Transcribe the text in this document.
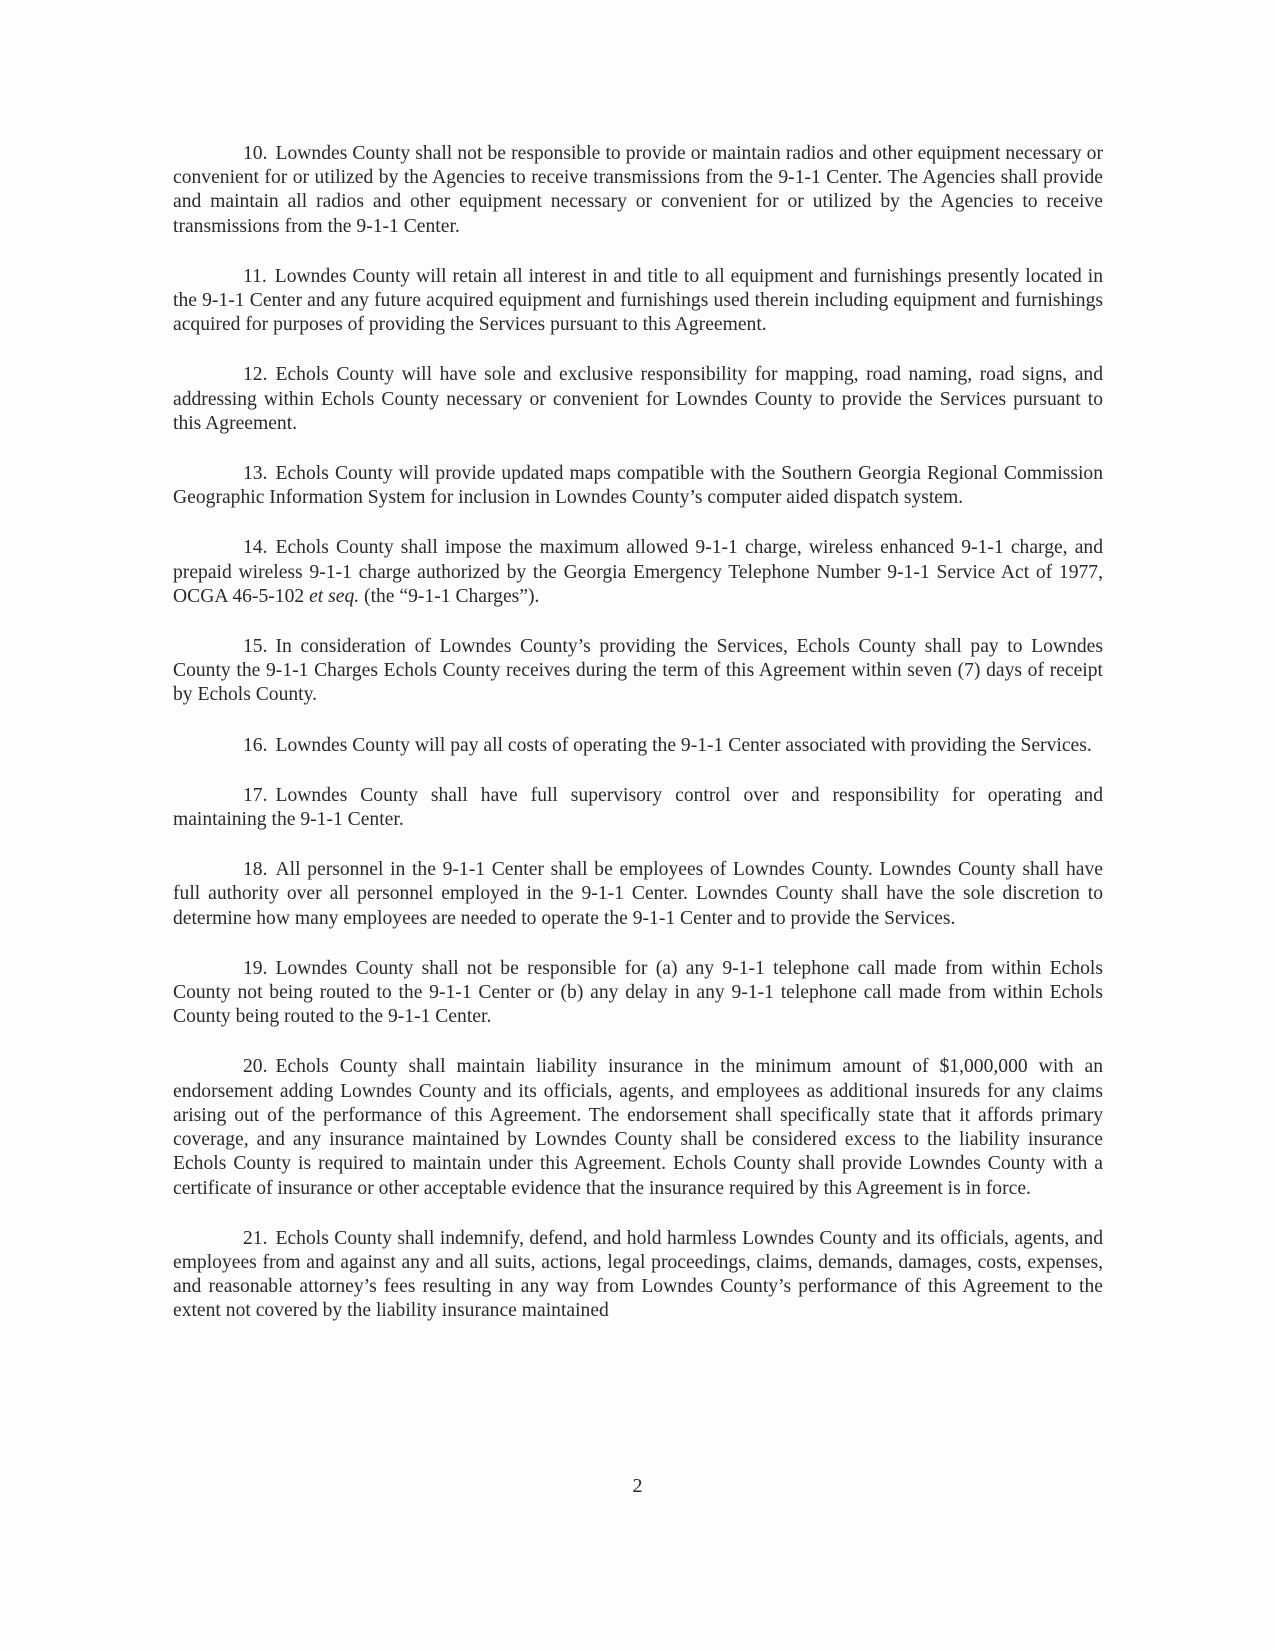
10. Lowndes County shall not be responsible to provide or maintain radios and other equipment necessary or convenient for or utilized by the Agencies to receive transmissions from the 9-1-1 Center. The Agencies shall provide and maintain all radios and other equipment necessary or convenient for or utilized by the Agencies to receive transmissions from the 9-1-1 Center.

11. Lowndes County will retain all interest in and title to all equipment and furnishings presently located in the 9-1-1 Center and any future acquired equipment and furnishings used therein including equipment and furnishings acquired for purposes of providing the Services pursuant to this Agreement.

12. Echols County will have sole and exclusive responsibility for mapping, road naming, road signs, and addressing within Echols County necessary or convenient for Lowndes County to provide the Services pursuant to this Agreement.

13. Echols County will provide updated maps compatible with the Southern Georgia Regional Commission Geographic Information System for inclusion in Lowndes County’s computer aided dispatch system.

14. Echols County shall impose the maximum allowed 9-1-1 charge, wireless enhanced 9-1-1 charge, and prepaid wireless 9-1-1 charge authorized by the Georgia Emergency Telephone Number 9-1-1 Service Act of 1977, OCGA 46-5-102 et seq. (the “9-1-1 Charges”).

15. In consideration of Lowndes County’s providing the Services, Echols County shall pay to Lowndes County the 9-1-1 Charges Echols County receives during the term of this Agreement within seven (7) days of receipt by Echols County.

16. Lowndes County will pay all costs of operating the 9-1-1 Center associated with providing the Services.

17. Lowndes County shall have full supervisory control over and responsibility for operating and maintaining the 9-1-1 Center.

18. All personnel in the 9-1-1 Center shall be employees of Lowndes County. Lowndes County shall have full authority over all personnel employed in the 9-1-1 Center. Lowndes County shall have the sole discretion to determine how many employees are needed to operate the 9-1-1 Center and to provide the Services.

19. Lowndes County shall not be responsible for (a) any 9-1-1 telephone call made from within Echols County not being routed to the 9-1-1 Center or (b) any delay in any 9-1-1 telephone call made from within Echols County being routed to the 9-1-1 Center.

20. Echols County shall maintain liability insurance in the minimum amount of $1,000,000 with an endorsement adding Lowndes County and its officials, agents, and employees as additional insureds for any claims arising out of the performance of this Agreement. The endorsement shall specifically state that it affords primary coverage, and any insurance maintained by Lowndes County shall be considered excess to the liability insurance Echols County is required to maintain under this Agreement. Echols County shall provide Lowndes County with a certificate of insurance or other acceptable evidence that the insurance required by this Agreement is in force.

21. Echols County shall indemnify, defend, and hold harmless Lowndes County and its officials, agents, and employees from and against any and all suits, actions, legal proceedings, claims, demands, damages, costs, expenses, and reasonable attorney’s fees resulting in any way from Lowndes County’s performance of this Agreement to the extent not covered by the liability insurance maintained

2
